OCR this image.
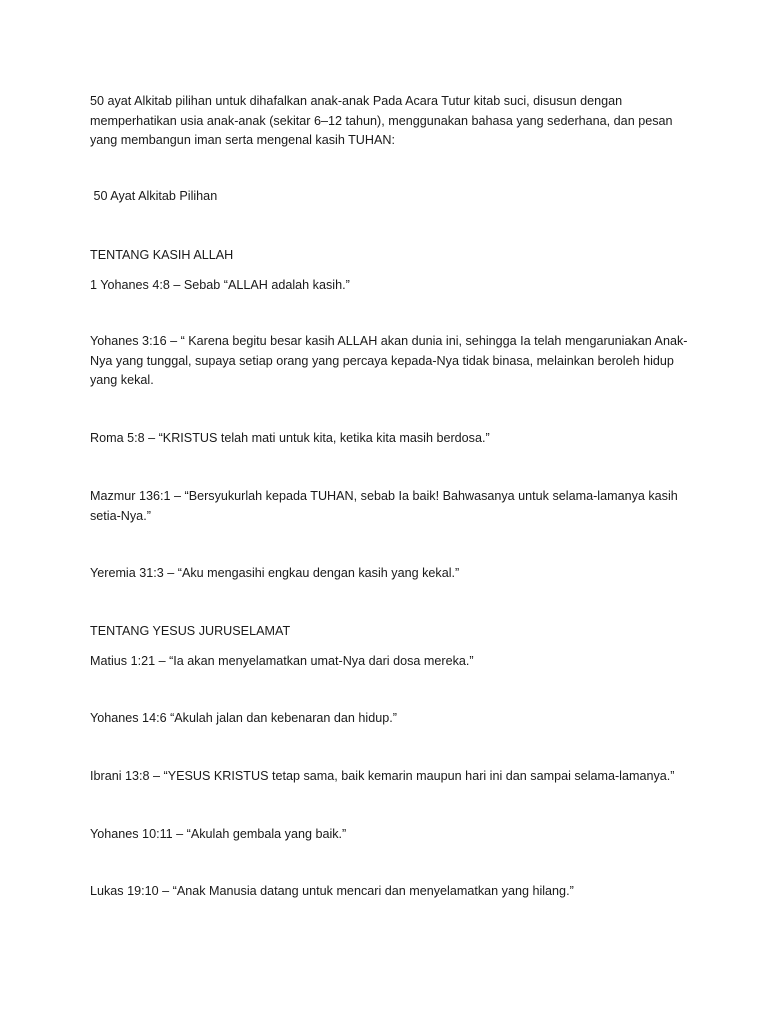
50 ayat Alkitab pilihan untuk dihafalkan anak-anak Pada Acara Tutur kitab suci, disusun dengan memperhatikan usia anak-anak (sekitar 6–12 tahun), menggunakan bahasa yang sederhana, dan pesan yang membangun iman serta mengenal kasih TUHAN:

50 Ayat Alkitab Pilihan

TENTANG KASIH ALLAH

1 Yohanes 4:8 – Sebab “ALLAH adalah kasih.”

Yohanes 3:16 – “ Karena begitu besar kasih ALLAH akan dunia ini, sehingga Ia telah mengaruniakan Anak-Nya yang tunggal, supaya setiap orang yang percaya kepada-Nya tidak binasa, melainkan beroleh hidup yang kekal.

Roma 5:8 – “KRISTUS telah mati untuk kita, ketika kita masih berdosa.”

Mazmur 136:1 – “Bersyukurlah kepada TUHAN, sebab Ia baik! Bahwasanya untuk selama-lamanya kasih setia-Nya.”

Yeremia 31:3 – “Aku mengasihi engkau dengan kasih yang kekal.”

TENTANG YESUS JURUSELAMAT

Matius 1:21 – “Ia akan menyelamatkan umat-Nya dari dosa mereka.”

Yohanes 14:6 “Akulah jalan dan kebenaran dan hidup.”

Ibrani 13:8 – “YESUS KRISTUS tetap sama, baik kemarin maupun hari ini dan sampai selama-lamanya.”

Yohanes 10:11 – “Akulah gembala yang baik.”

Lukas 19:10 – “Anak Manusia datang untuk mencari dan menyelamatkan yang hilang.”
